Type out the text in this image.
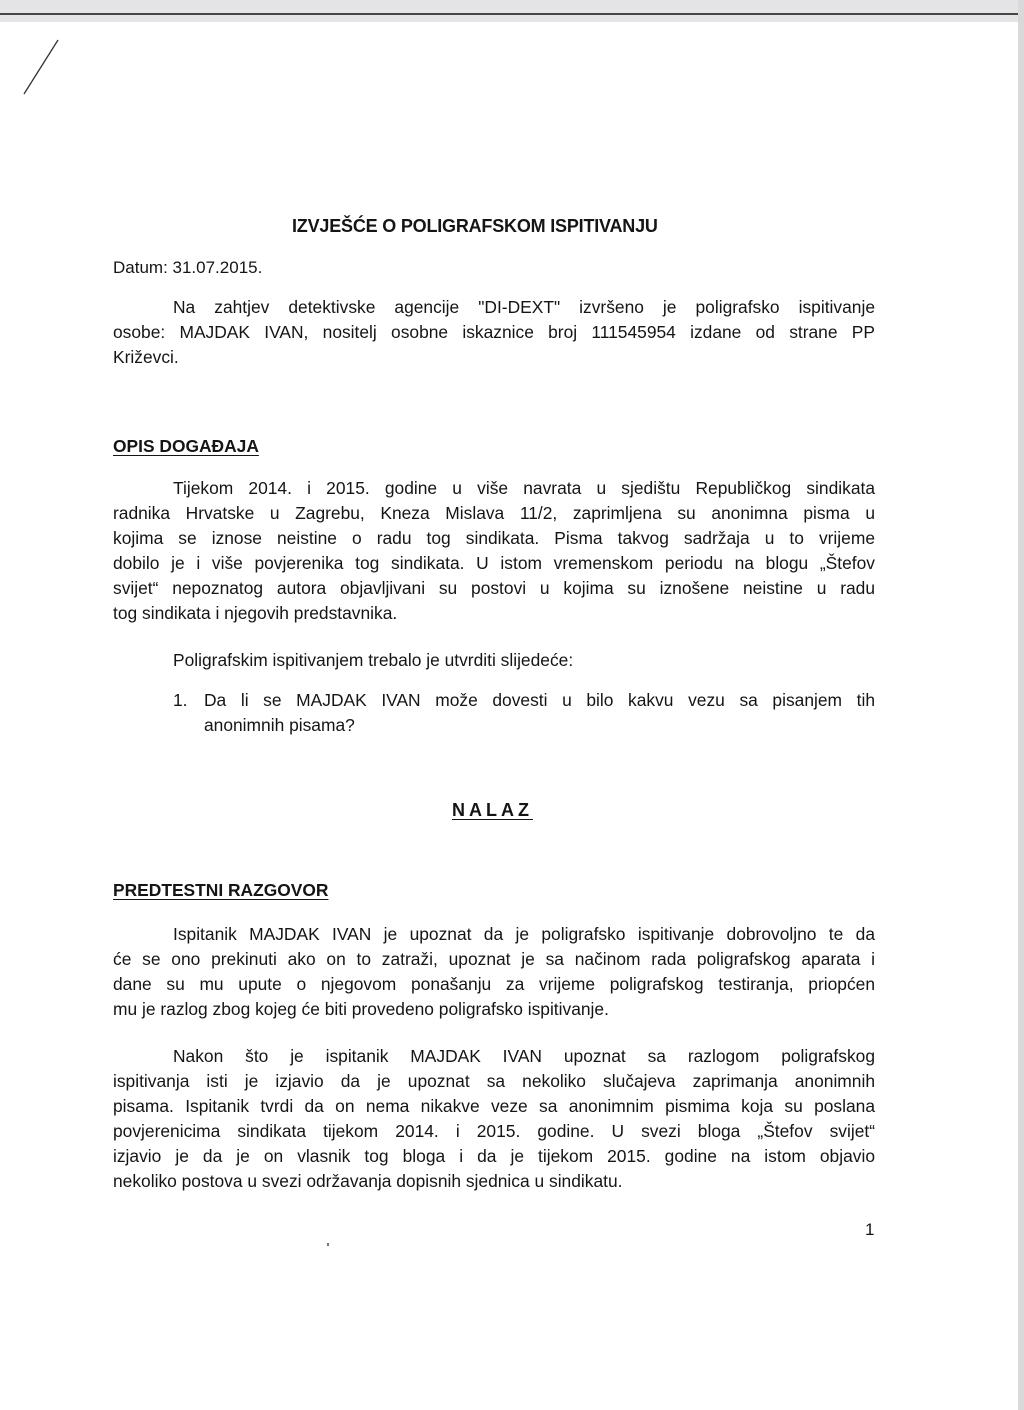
IZVJEŠĆE O POLIGRAFSKOM ISPITIVANJU
Datum: 31.07.2015.
Na zahtjev detektivske agencije "DI-DEXT" izvršeno je poligrafsko ispitivanje
osobe: MAJDAK IVAN, nositelj osobne iskaznice broj 111545954 izdane od strane PP
Križevci.
OPIS DOGAĐAJA
Tijekom 2014. i 2015. godine u više navrata u sjedištu Republičkog sindikata
radnika Hrvatske u Zagrebu, Kneza Mislava 11/2, zaprimljena su anonimna pisma u
kojima se iznose neistine o radu tog sindikata. Pisma takvog sadržaja u to vrijeme
dobilo je i više povjerenika tog sindikata. U istom vremenskom periodu na blogu „Štefov
svijet“ nepoznatog autora objavljivani su postovi u kojima su iznošene neistine u radu
tog sindikata i njegovih predstavnika.
Poligrafskim ispitivanjem trebalo je utvrditi slijedeće:
1. Da li se MAJDAK IVAN može dovesti u bilo kakvu vezu sa pisanjem tih
anonimnih pisama?
NALAZ
PREDTESTNI RAZGOVOR
Ispitanik MAJDAK IVAN je upoznat da je poligrafsko ispitivanje dobrovoljno te da
će se ono prekinuti ako on to zatraži, upoznat je sa načinom rada poligrafskog aparata i
dane su mu upute o njegovom ponašanju za vrijeme poligrafskog testiranja, priopćen
mu je razlog zbog kojeg će biti provedeno poligrafsko ispitivanje.
Nakon što je ispitanik MAJDAK IVAN upoznat sa razlogom poligrafskog
ispitivanja isti je izjavio da je upoznat sa nekoliko slučajeva zaprimanja anonimnih
pisama. Ispitanik tvrdi da on nema nikakve veze sa anonimnim pismima koja su poslana
povjerenicima sindikata tijekom 2014. i 2015. godine. U svezi bloga „Štefov svijet“
izjavio je da je on vlasnik tog bloga i da je tijekom 2015. godine na istom objavio
nekoliko postova u svezi održavanja dopisnih sjednica u sindikatu.
1
